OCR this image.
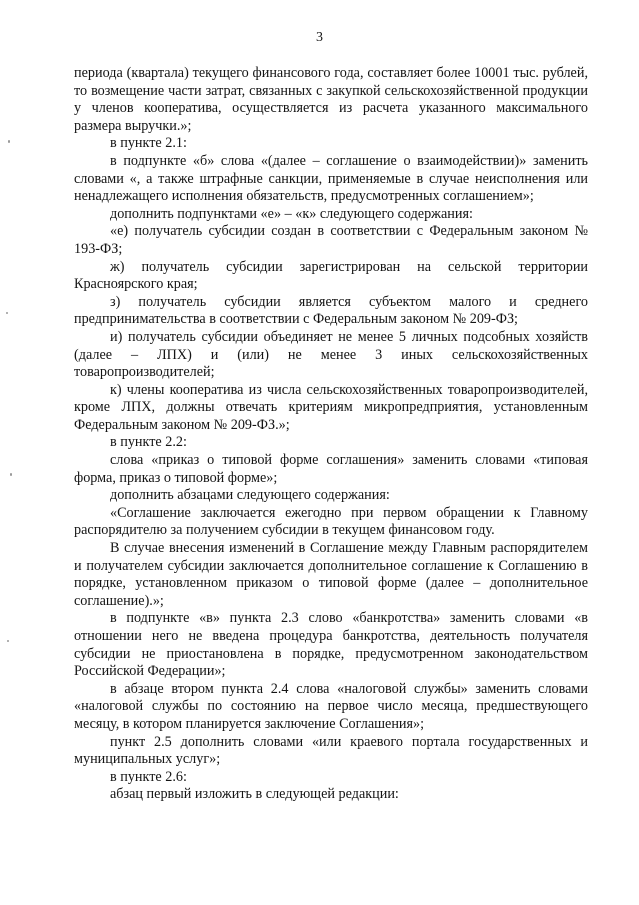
3

периода (квартала) текущего финансового года, составляет более 10001 тыс. рублей, то возмещение части затрат, связанных с закупкой сельскохозяйственной продукции у членов кооператива, осуществляется из расчета указанного максимального размера выручки.»;

в пункте 2.1:

в подпункте «б» слова «(далее – соглашение о взаимодействии)» заменить словами «, а также штрафные санкции, применяемые в случае неисполнения или ненадлежащего исполнения обязательств, предусмотренных соглашением»;

дополнить подпунктами «е» – «к» следующего содержания:

«е) получатель субсидии создан в соответствии с Федеральным законом № 193-ФЗ;

ж) получатель субсидии зарегистрирован на сельской территории Красноярского края;

з) получатель субсидии является субъектом малого и среднего предпринимательства в соответствии с Федеральным законом № 209-ФЗ;

и) получатель субсидии объединяет не менее 5 личных подсобных хозяйств (далее – ЛПХ) и (или) не менее 3 иных сельскохозяйственных товаропроизводителей;

к) члены кооператива из числа сельскохозяйственных товаропроизводителей, кроме ЛПХ, должны отвечать критериям микропредприятия, установленным Федеральным законом № 209-ФЗ.»;

в пункте 2.2:

слова «приказ о типовой форме соглашения» заменить словами «типовая форма, приказ о типовой форме»;

дополнить абзацами следующего содержания:

«Соглашение заключается ежегодно при первом обращении к Главному распорядителю за получением субсидии в текущем финансовом году.

В случае внесения изменений в Соглашение между Главным распорядителем и получателем субсидии заключается дополнительное соглашение к Соглашению в порядке, установленном приказом о типовой форме (далее – дополнительное соглашение).»;

в подпункте «в» пункта 2.3 слово «банкротства» заменить словами «в отношении него не введена процедура банкротства, деятельность получателя субсидии не приостановлена в порядке, предусмотренном законодательством Российской Федерации»;

в абзаце втором пункта 2.4 слова «налоговой службы» заменить словами «налоговой службы по состоянию на первое число месяца, предшествующего месяцу, в котором планируется заключение Соглашения»;

пункт 2.5 дополнить словами «или краевого портала государственных и муниципальных услуг»;

в пункте 2.6:

абзац первый изложить в следующей редакции:
